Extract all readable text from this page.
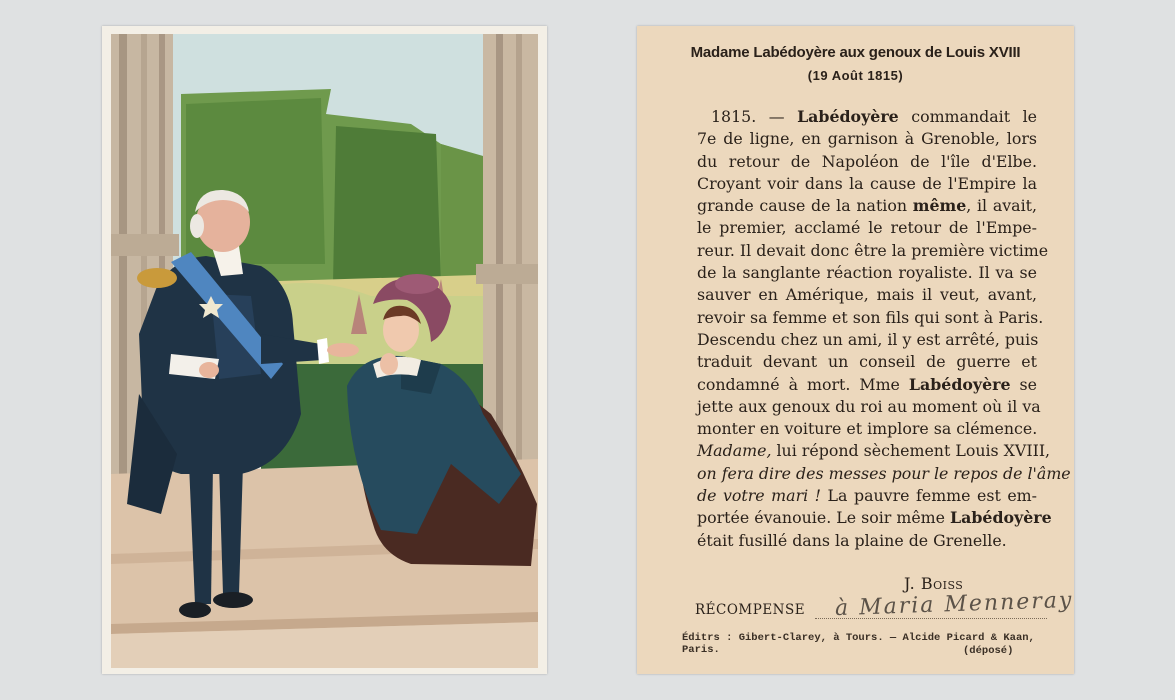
Madame Labédoyère aux genoux de Louis XVIII
(19 Août 1815)
1815. — Labédoyère commandait le
7e de ligne, en garnison à Grenoble, lors
du retour de Napoléon de l'île d'Elbe.
Croyant voir dans la cause de l'Empire la
grande cause de la nation même, il avait,
le premier, acclamé le retour de l'Empe-
reur. Il devait donc être la première victime
de la sanglante réaction royaliste. Il va se
sauver en Amérique, mais il veut, avant,
revoir sa femme et son fils qui sont à Paris.
Descendu chez un ami, il y est arrêté, puis
traduit devant un conseil de guerre et
condamné à mort. Mme Labédoyère se
jette aux genoux du roi au moment où il va
monter en voiture et implore sa clémence.
Madame, lui répond sèchement Louis XVIII,
on fera dire des messes pour le repos de l'âme
de votre mari ! La pauvre femme est em-
portée évanouie. Le soir même Labédoyère
était fusillé dans la plaine de Grenelle.
J. Boiss
RÉCOMPENSE à Maria Menneray
Éditrs : Gibert-Clarey, à Tours. — Alcide Picard & Kaan, Paris.	(déposé)
